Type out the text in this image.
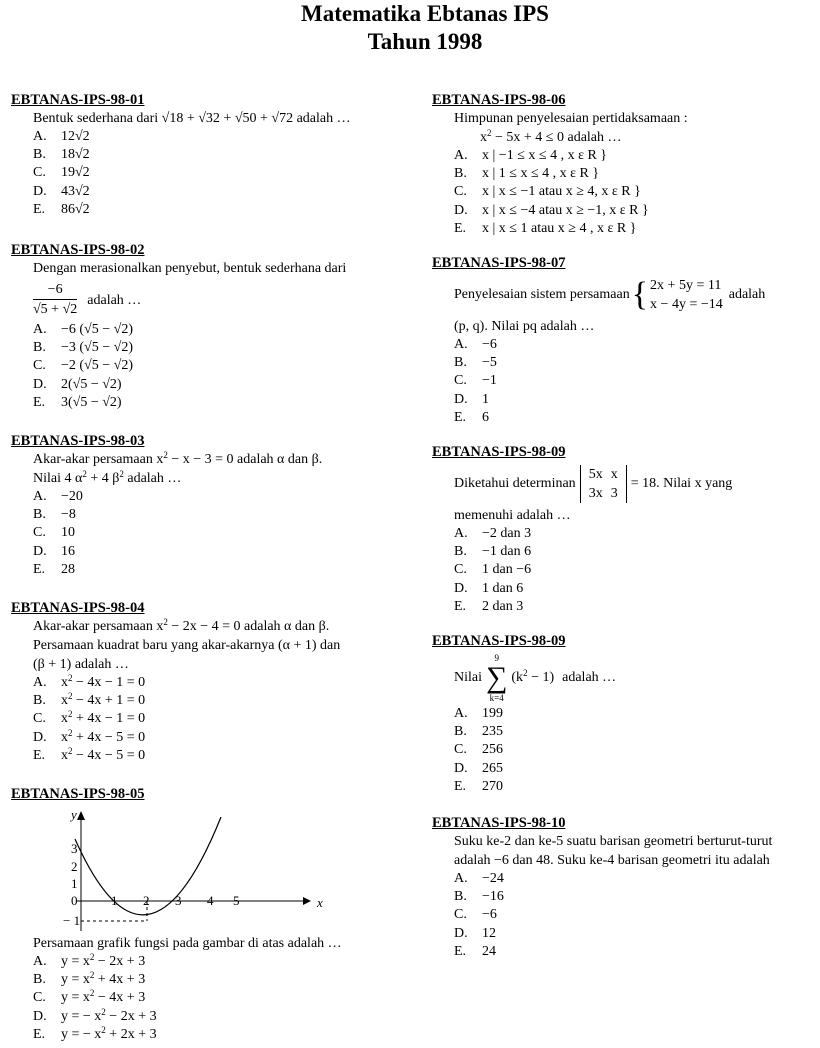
Matematika Ebtanas IPS
Tahun 1998
EBTANAS-IPS-98-01
Bentuk sederhana dari √18 + √32 + √50 + √72 adalah …
A. 12√2
B. 18√2
C. 19√2
D. 43√2
E. 86√2
EBTANAS-IPS-98-02
Dengan merasionalkan penyebut, bentuk sederhana dari
$\frac{-6}{√5 + √2}$ adalah …
A. −6 (√5 − √2)
B. −3 (√5 − √2)
C. −2 (√5 − √2)
D. 2(√5 − √2)
E. 3(√5 − √2)
EBTANAS-IPS-98-03
Akar-akar persamaan $x^2 - x - 3 = 0$ adalah α dan β.
Nilai 4 $\alpha^2 + 4$ $\beta^2$ adalah …
A. −20
B. −8
C. 10
D. 16
E. 28
EBTANAS-IPS-98-04
Akar-akar persamaan $x^2 - 2x - 4 = 0$ adalah α dan β.
Persamaan kuadrat baru yang akar-akarnya (α + 1) dan
(β + 1) adalah …
A. $x^2 - 4x - 1 = 0$
B. $x^2 - 4x + 1 = 0$
C. $x^2 + 4x - 1 = 0$
D. $x^2 + 4x - 5 = 0$
E. $x^2 - 4x - 5 = 0$
EBTANAS-IPS-98-05
y
x
3
2
1
0
− 1
1 2 3 4 5
Persamaan grafik fungsi pada gambar di atas adalah …
A. $y = x^2 - 2x + 3$
B. $y = x^2 + 4x + 3$
C. $y = x^2 - 4x + 3$
D. y = − $x^2 - 2x + 3$
E. y = − $x^2 + 2x + 3$
EBTANAS-IPS-98-06
Himpunan penyelesaian pertidaksamaan :
$x^2 - 5x + 4 \le 0$ adalah …
A. x | −1 ≤ x ≤ 4 , x ε R }
B. x | 1 ≤ x ≤ 4 , x ε R }
C. x | x ≤ −1 atau x ≥ 4, x ε R }
D. x | x ≤ −4 atau x ≥ −1, x ε R }
E. x | x ≤ 1 atau x ≥ 4 , x ε R }
EBTANAS-IPS-98-07
Penyelesaian sistem persamaan { 2x + 5y = 11
x − 4y = −14
adalah
(p, q). Nilai pq adalah …
A. −6
B. −5
C. −1
D. 1
E. 6
EBTANAS-IPS-98-09
Diketahui determinan
5x	x
3x	3
= 18. Nilai x yang
memenuhi adalah …
A. −2 dan 3
B. −1 dan 6
C. 1 dan −6
D. 1 dan 6
E. 2 dan 3
EBTANAS-IPS-98-09
Nilai
9
∑
k=4
$(k^2 - 1)$ adalah …
A. 199
B. 235
C. 256
D. 265
E. 270
EBTANAS-IPS-98-10
Suku ke-2 dan ke-5 suatu barisan geometri berturut-turut
adalah −6 dan 48. Suku ke-4 barisan geometri itu adalah
A. −24
B. −16
C. −6
D. 12
E. 24
